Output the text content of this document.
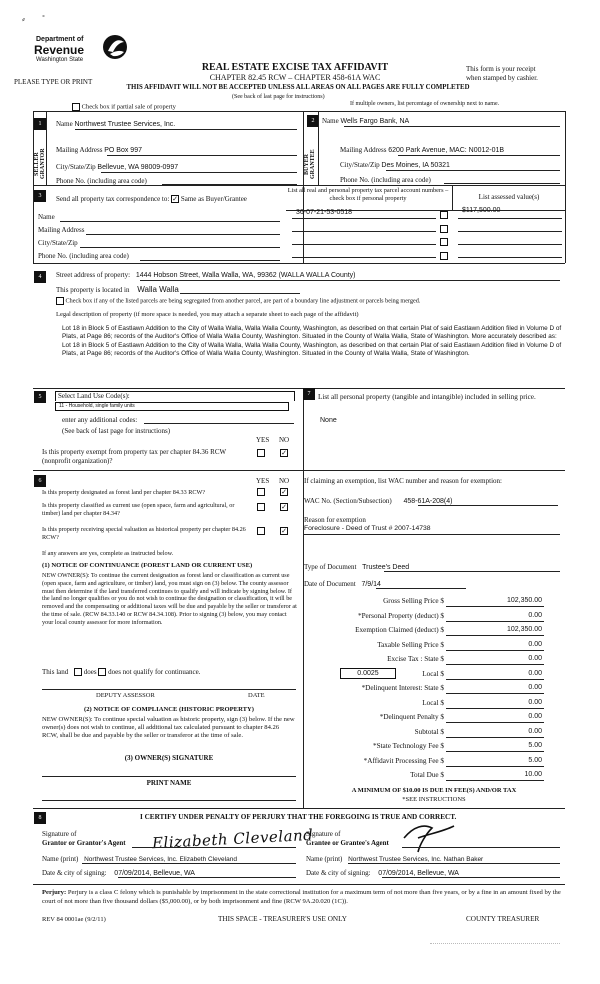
⸗ ˚
Department of
Revenue
Washington State
PLEASE TYPE OR PRINT
REAL ESTATE EXCISE TAX AFFIDAVIT
CHAPTER 82.45 RCW – CHAPTER 458-61A WAC
THIS AFFIDAVIT WILL NOT BE ACCEPTED UNLESS ALL AREAS ON ALL PAGES ARE FULLY COMPLETED
This form is your receipt
when stamped by cashier.
(See back of last page for instructions)
Check box if partial sale of property	If multiple owners, list percentage of ownership next to name.
1
SELLER GRANTOR
Name Northwest Trustee Services, Inc.
Mailing Address PO Box 997
City/State/Zip Bellevue, WA 98009-0997
Phone No. (including area code)
2
BUYER GRANTEE
Name Wells Fargo Bank, NA
Mailing Address 6200 Park Avenue, MAC: N0012-01B
City/State/Zip Des Moines, IA 50321
Phone No. (including area code)
3	Send all property tax correspondence to: ✓ Same as Buyer/Grantee
Name
Mailing Address
City/State/Zip
Phone No. (including area code)
List all real and personal property tax parcel account numbers – check box if personal property	List assessed value(s)
36-07-21-53-0518	$117,500.00
4	Street address of property: 1444 Hobson Street, Walla Walla, WA, 99362 (WALLA WALLA County)
This property is located in Walla Walla
Check box if any of the listed parcels are being segregated from another parcel, are part of a boundary line adjustment or parcels being merged.
Legal description of property (if more space is needed, you may attach a separate sheet to each page of the affidavit)
Lot 18 in Block 5 of Eastlawn Addition to the City of Walla Walla, Walla Walla County, Washington, as described on that certain Plat of said Eastlawn Addition filed in Volume D of Plats, at Page 86; records of the Auditor's Office of Walla Walla County, Washington. Situated in the County of Walla Walla, State of Washington. More accurately described as: Lot 18 in Block 5 of Eastlawn Addition to the City of Walla Walla, Walla Walla County, Washington, as described on that certain Plat of said Eastlawn Addition filed in Volume D of Plats, at Page 86; records of the Auditor's Office of Walla Walla County, Washington. Situated in the County of Walla Walla, State of Washington.
5	Select Land Use Code(s):
11 - Household, single family units
enter any additional codes:
(See back of last page for instructions)
YES NO
Is this property exempt from property tax per chapter 84.36 RCW (nonprofit organization)?
✓
7	List all personal property (tangible and intangible) included in selling price.
None
6	YES NO
Is this property designated as forest land per chapter 84.33 RCW?	✓
Is this property classified as current use (open space, farm and agricultural, or timber) land per chapter 84.34?
✓
Is this property receiving special valuation as historical property per chapter 84.26 RCW?
✓
If any answers are yes, complete as instructed below.
(1) NOTICE OF CONTINUANCE (FOREST LAND OR CURRENT USE)
NEW OWNER(S): To continue the current designation as forest land or classification as current use (open space, farm and agriculture, or timber) land, you must sign on (3) below. The county assessor must then determine if the land transferred continues to qualify and will indicate by signing below. If the land no longer qualifies or you do not wish to continue the designation or classification, it will be removed and the compensating or additional taxes will be due and payable by the seller or transferor at the time of sale. (RCW 84.33.140 or RCW 84.34.108). Prior to signing (3) below, you may contact your local county assessor for more information.
This land does does not qualify for continuance.
DEPUTY ASSESSOR	DATE
(2) NOTICE OF COMPLIANCE (HISTORIC PROPERTY)
NEW OWNER(S): To continue special valuation as historic property, sign (3) below. If the new owner(s) does not wish to continue, all additional tax calculated pursuant to chapter 84.26 RCW, shall be due and payable by the seller or transferor at the time of sale.
(3) OWNER(S) SIGNATURE
PRINT NAME
If claiming an exemption, list WAC number and reason for exemption:
WAC No. (Section/Subsection) 458-61A-208(4)
Reason for exemption
Foreclosure - Deed of Trust # 2007-14738
Type of Document Trustee's Deed
Date of Document 7/9/14
Gross Selling Price $	102,350.00
*Personal Property (deduct) $	0.00
Exemption Claimed (deduct) $	102,350.00
Taxable Selling Price $	0.00
Excise Tax : State $	0.00
Local $	0.00
0.0025
*Delinquent Interest: State $	0.00
Local $	0.00
*Delinquent Penalty $	0.00
Subtotal $	0.00
*State Technology Fee $	5.00
*Affidavit Processing Fee $	5.00
Total Due $	10.00
A MINIMUM OF $10.00 IS DUE IN FEE(S) AND/OR TAX
*SEE INSTRUCTIONS
8	I CERTIFY UNDER PENALTY OF PERJURY THAT THE FOREGOING IS TRUE AND CORRECT.
Signature of
Grantor or Grantor's Agent Elizabeth Cleveland
Name (print) Northwest Trustee Services, Inc. Elizabeth Cleveland
Date & city of signing: 07/09/2014, Bellevue, WA
Signature of
Grantee or Grantee's Agent
Name (print) Northwest Trustee Services, Inc. Nathan Baker
Date & city of signing: 07/09/2014, Bellevue, WA
Perjury: Perjury is a class C felony which is punishable by imprisonment in the state correctional institution for a maximum term of not more than five years, or by a fine in an amount fixed by the court of not more than five thousand dollars ($5,000.00), or by both imprisonment and fine (RCW 9A.20.020 (1C)).
REV 84 0001ae (9/2/11)	THIS SPACE - TREASURER'S USE ONLY	COUNTY TREASURER
